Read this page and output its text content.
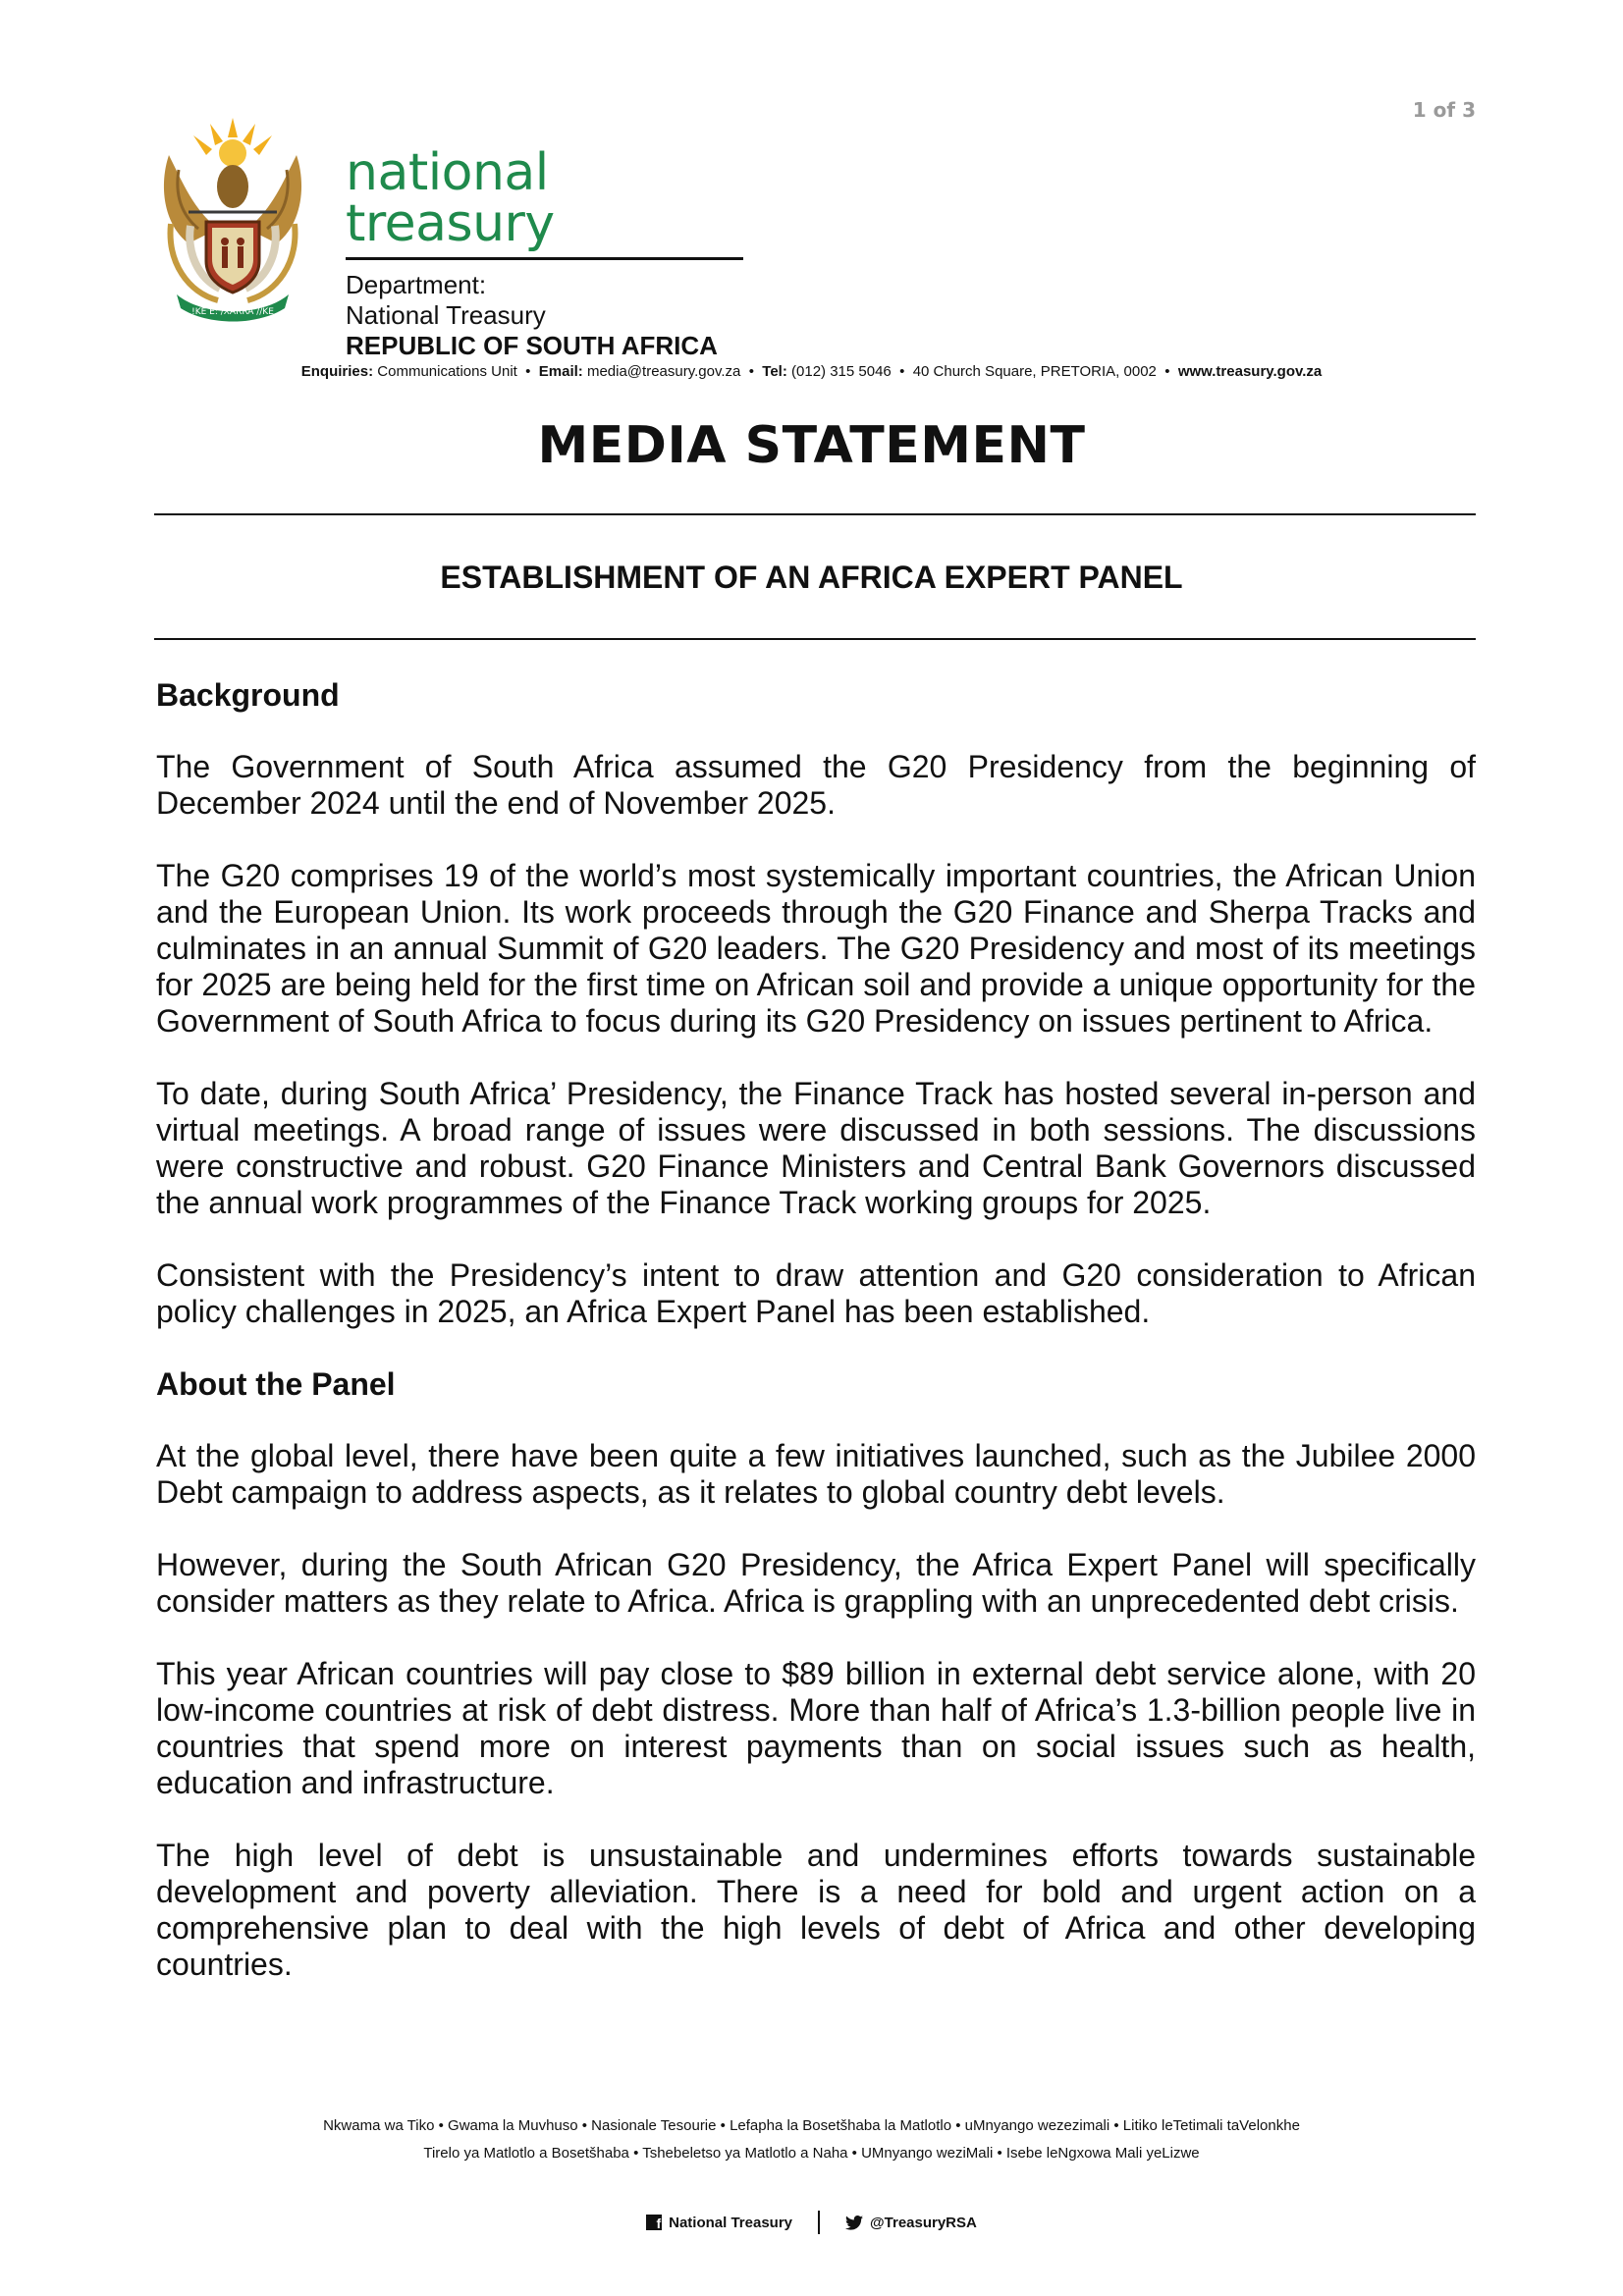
1 of 3
!KE E: /XARRA //KE
national treasury
Department:
National Treasury
REPUBLIC OF SOUTH AFRICA
Enquiries: Communications Unit  •  Email: media@treasury.gov.za  •  Tel: (012) 315 5046  •  40 Church Square, PRETORIA, 0002  •  www.treasury.gov.za
MEDIA STATEMENT
ESTABLISHMENT OF AN AFRICA EXPERT PANEL
Background
The Government of South Africa assumed the G20 Presidency from the beginning of December 2024 until the end of November 2025.
The G20 comprises 19 of the world’s most systemically important countries, the African Union and the European Union. Its work proceeds through the G20 Finance and Sherpa Tracks and culminates in an annual Summit of G20 leaders. The G20 Presidency and most of its meetings for 2025 are being held for the first time on African soil and provide a unique opportunity for the Government of South Africa to focus during its G20 Presidency on issues pertinent to Africa.
To date, during South Africa’ Presidency, the Finance Track has hosted several in-person and virtual meetings. A broad range of issues were discussed in both sessions. The discussions were constructive and robust. G20 Finance Ministers and Central Bank Governors discussed the annual work programmes of the Finance Track working groups for 2025.
Consistent with the Presidency’s intent to draw attention and G20 consideration to African policy challenges in 2025, an Africa Expert Panel has been established.
About the Panel
At the global level, there have been quite a few initiatives launched, such as the Jubilee 2000 Debt campaign to address aspects, as it relates to global country debt levels.
However, during the South African G20 Presidency, the Africa Expert Panel will specifically consider matters as they relate to Africa. Africa is grappling with an unprecedented debt crisis.
This year African countries will pay close to $89 billion in external debt service alone, with 20 low-income countries at risk of debt distress. More than half of Africa’s 1.3-billion people live in countries that spend more on interest payments than on social issues such as health, education and infrastructure.
The high level of debt is unsustainable and undermines efforts towards sustainable development and poverty alleviation. There is a need for bold and urgent action on a comprehensive plan to deal with the high levels of debt of Africa and other developing countries.
Nkwama wa Tiko • Gwama la Muvhuso • Nasionale Tesourie • Lefapha la Bosetšhaba la Matlotlo • uMnyango wezezimali • Litiko leTetimali taVelonkhe
Tirelo ya Matlotlo a Bosetšhaba • Tshebeletso ya Matlotlo a Naha • UMnyango weziMali • Isebe leNgxowa Mali yeLizwe
f National Treasury	@TreasuryRSA
